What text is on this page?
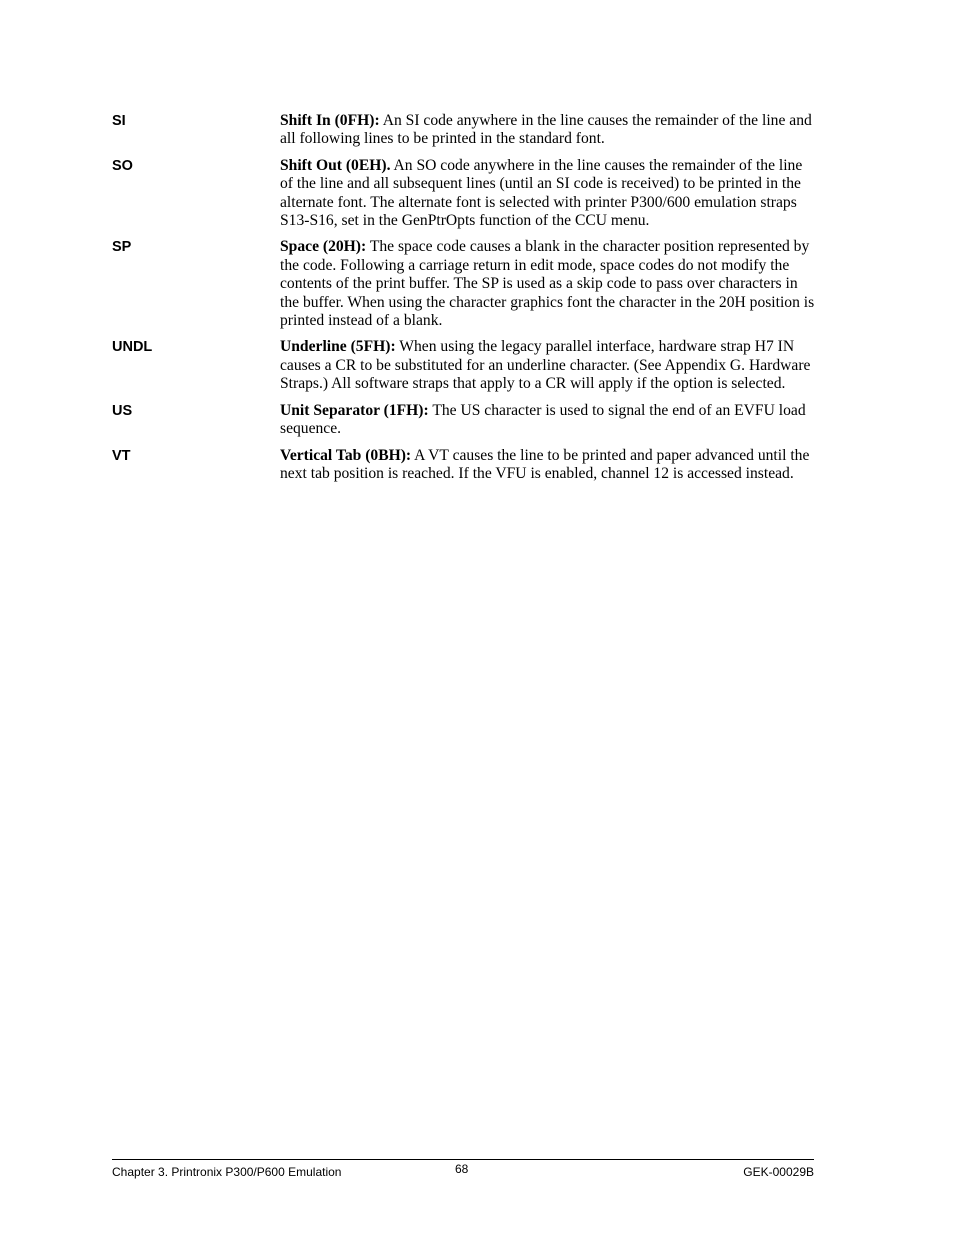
SI	Shift In (0FH): An SI code anywhere in the line causes the remainder of the line and all following lines to be printed in the standard font.
SO	Shift Out (0EH). An SO code anywhere in the line causes the remainder of the line of the line and all subsequent lines (until an SI code is received) to be printed in the alternate font. The alternate font is selected with printer P300/600 emulation straps S13-S16, set in the GenPtrOpts function of the CCU menu.
SP	Space (20H): The space code causes a blank in the character position represented by the code. Following a carriage return in edit mode, space codes do not modify the contents of the print buffer. The SP is used as a skip code to pass over characters in the buffer. When using the character graphics font the character in the 20H position is printed instead of a blank.
UNDL	Underline (5FH): When using the legacy parallel interface, hardware strap H7 IN causes a CR to be substituted for an underline character. (See Appendix G. Hardware Straps.) All software straps that apply to a CR will apply if the option is selected.
US	Unit Separator (1FH): The US character is used to signal the end of an EVFU load sequence.
VT	Vertical Tab (0BH): A VT causes the line to be printed and paper advanced until the next tab position is reached. If the VFU is enabled, channel 12 is accessed instead.
Chapter 3. Printronix P300/P600 Emulation	68	GEK-00029B
